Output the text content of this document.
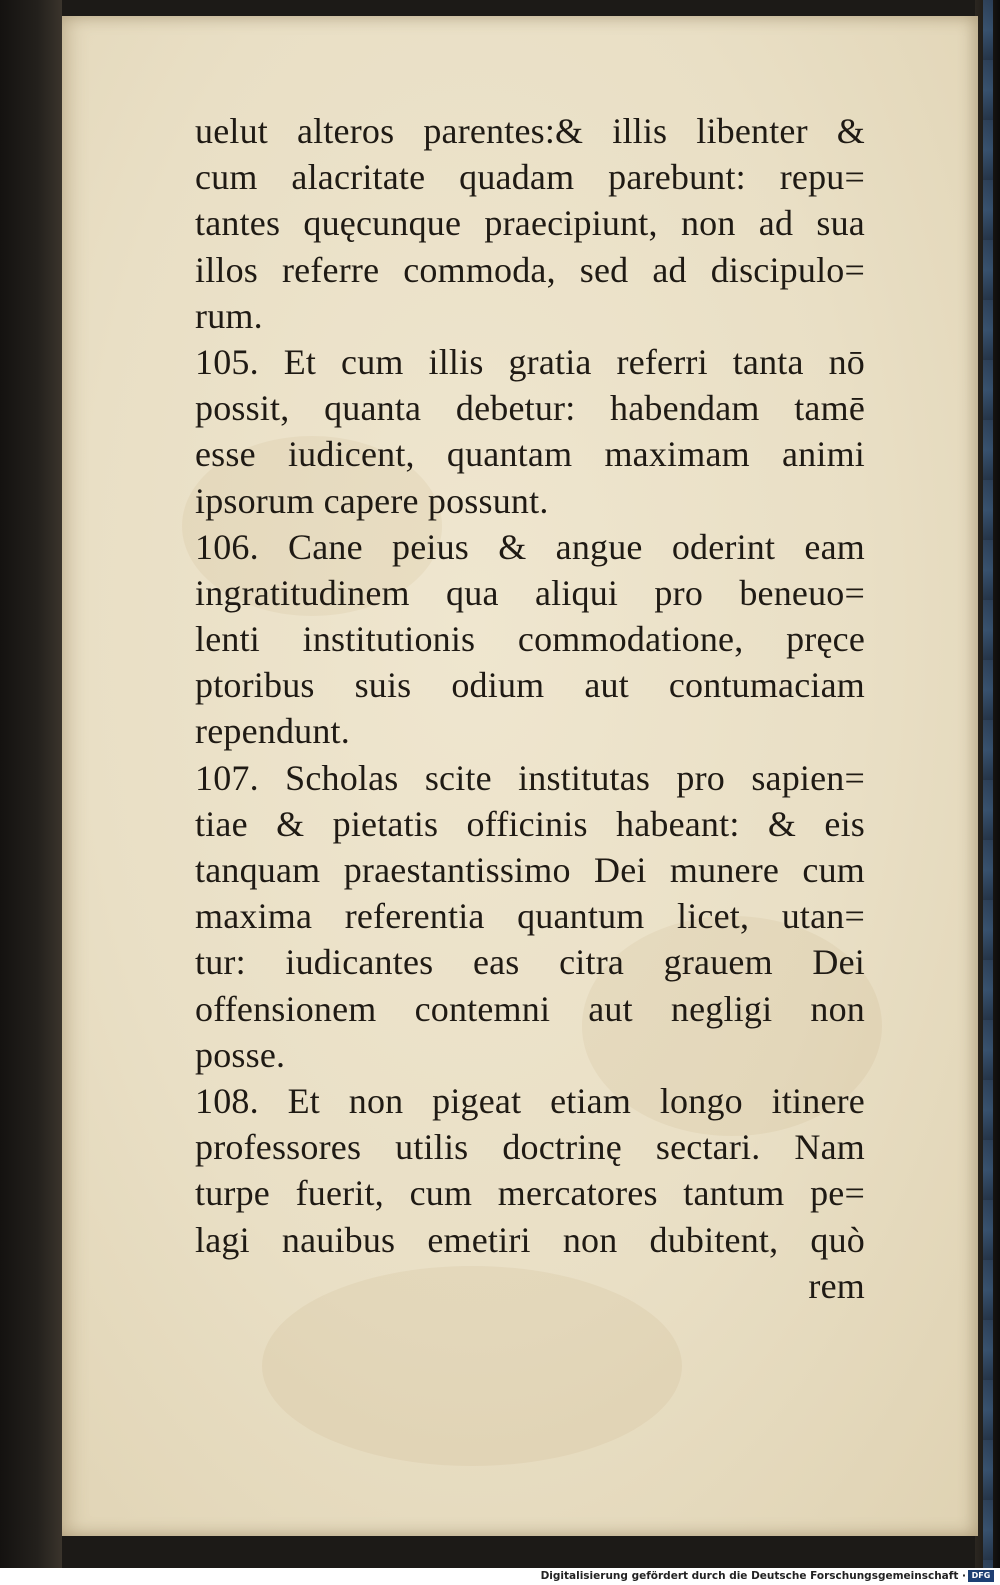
uelut alteros parentes:& illis libenter &
cum alacritate quadam parebunt: repu=
tantes quęcunque praecipiunt, non ad sua
illos referre commoda, sed ad discipulo=
rum.
105. Et cum illis gratia referri tanta nō
possit, quanta debetur: habendam tamē
esse iudicent, quantam maximam animi
ipsorum capere possunt.
106. Cane peius & angue oderint eam
ingratitudinem qua aliqui pro beneuo=
lenti institutionis commodatione, pręce
ptoribus suis odium aut contumaciam
rependunt.
107. Scholas scite institutas pro sapien=
tiae & pietatis officinis habeant: & eis
tanquam praestantissimo Dei munere cum
maxima referentia quantum licet, utan=
tur: iudicantes eas citra grauem Dei
offensionem contemni aut negligi non
posse.
108. Et non pigeat etiam longo itinere
professores utilis doctrinę sectari. Nam
turpe fuerit, cum mercatores tantum pe=
lagi nauibus emetiri non dubitent, quò
rem
Digitalisierung gefördert durch die Deutsche Forschungsgemeinschaft · DFG
